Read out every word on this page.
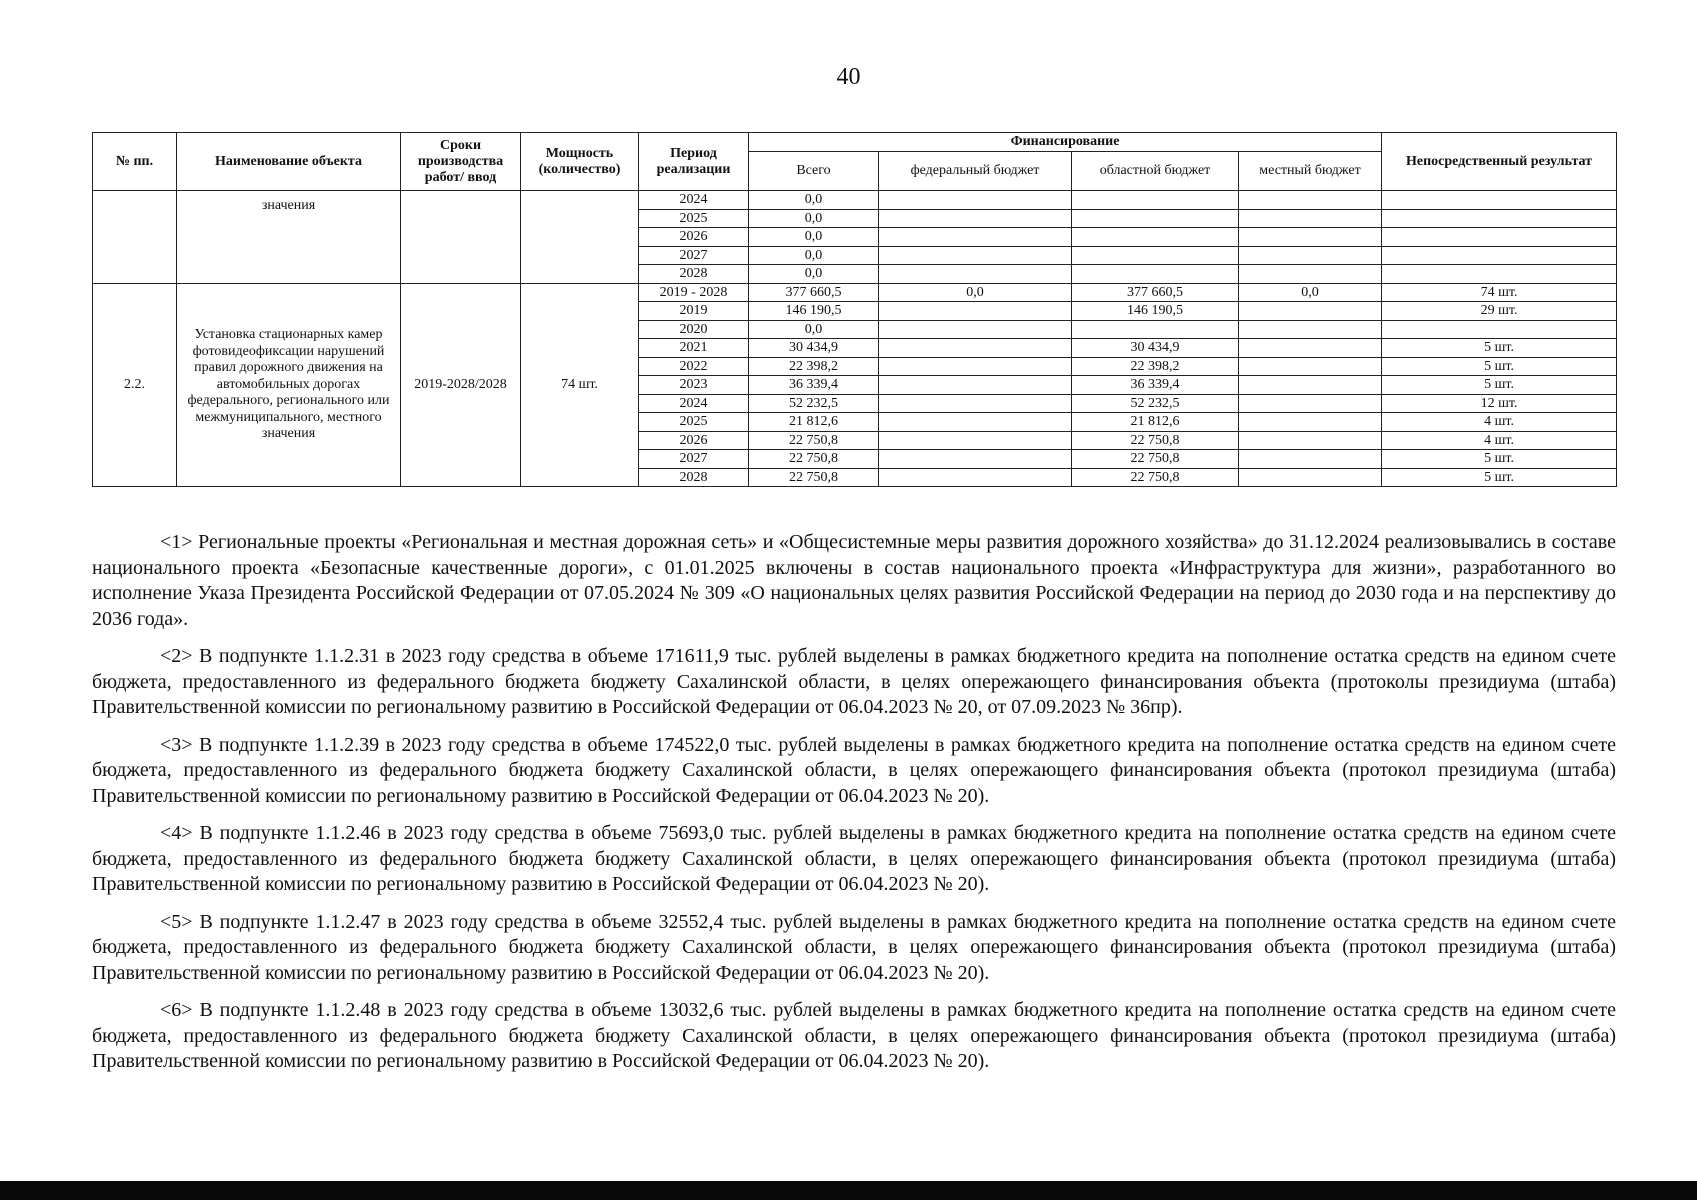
40
№ пп.	Наименование объекта	Сроки производства работ/ ввод	Мощность (количество)	Период реализации	Финансирование				Непосредственный результат
					Всего	федеральный бюджет	областной бюджет	местный бюджет	
	значения			2024	0,0				
				2025	0,0				
				2026	0,0				
				2027	0,0				
				2028	0,0				
2.2.	Установка стационарных камер фотовидеофиксации нарушений правил дорожного движения на автомобильных дорогах федерального, регионального или межмуниципального, местного значения	2019-2028/2028	74 шт.	2019 - 2028	377 660,5	0,0	377 660,5	0,0	74 шт.
				2019	146 190,5		146 190,5		29 шт.
				2020	0,0				
				2021	30 434,9		30 434,9		5 шт.
				2022	22 398,2		22 398,2		5 шт.
				2023	36 339,4		36 339,4		5 шт.
				2024	52 232,5		52 232,5		12 шт.
				2025	21 812,6		21 812,6		4 шт.
				2026	22 750,8		22 750,8		4 шт.
				2027	22 750,8		22 750,8		5 шт.
				2028	22 750,8		22 750,8		5 шт.

<1> Региональные проекты «Региональная и местная дорожная сеть» и «Общесистемные меры развития дорожного хозяйства» до 31.12.2024 реализовывались в составе национального проекта «Безопасные качественные дороги», с 01.01.2025 включены в состав национального проекта «Инфраструктура для жизни», разработанного во исполнение Указа Президента Российской Федерации от 07.05.2024 № 309 «О национальных целях развития Российской Федерации на период до 2030 года и на перспективу до 2036 года».

<2> В подпункте 1.1.2.31 в 2023 году средства в объеме 171611,9 тыс. рублей выделены в рамках бюджетного кредита на пополнение остатка средств на едином счете бюджета, предоставленного из федерального бюджета бюджету Сахалинской области, в целях опережающего финансирования объекта (протоколы президиума (штаба) Правительственной комиссии по региональному развитию в Российской Федерации от 06.04.2023 № 20, от 07.09.2023 № 36пр).

<3> В подпункте 1.1.2.39 в 2023 году средства в объеме 174522,0 тыс. рублей выделены в рамках бюджетного кредита на пополнение остатка средств на едином счете бюджета, предоставленного из федерального бюджета бюджету Сахалинской области, в целях опережающего финансирования объекта (протокол президиума (штаба) Правительственной комиссии по региональному развитию в Российской Федерации от 06.04.2023 № 20).

<4> В подпункте 1.1.2.46 в 2023 году средства в объеме 75693,0 тыс. рублей выделены в рамках бюджетного кредита на пополнение остатка средств на едином счете бюджета, предоставленного из федерального бюджета бюджету Сахалинской области, в целях опережающего финансирования объекта (протокол президиума (штаба) Правительственной комиссии по региональному развитию в Российской Федерации от 06.04.2023 № 20).

<5> В подпункте 1.1.2.47 в 2023 году средства в объеме 32552,4 тыс. рублей выделены в рамках бюджетного кредита на пополнение остатка средств на едином счете бюджета, предоставленного из федерального бюджета бюджету Сахалинской области, в целях опережающего финансирования объекта (протокол президиума (штаба) Правительственной комиссии по региональному развитию в Российской Федерации от 06.04.2023 № 20).

<6> В подпункте 1.1.2.48 в 2023 году средства в объеме 13032,6 тыс. рублей выделены в рамках бюджетного кредита на пополнение остатка средств на едином счете бюджета, предоставленного из федерального бюджета бюджету Сахалинской области, в целях опережающего финансирования объекта (протокол президиума (штаба) Правительственной комиссии по региональному развитию в Российской Федерации от 06.04.2023 № 20).
